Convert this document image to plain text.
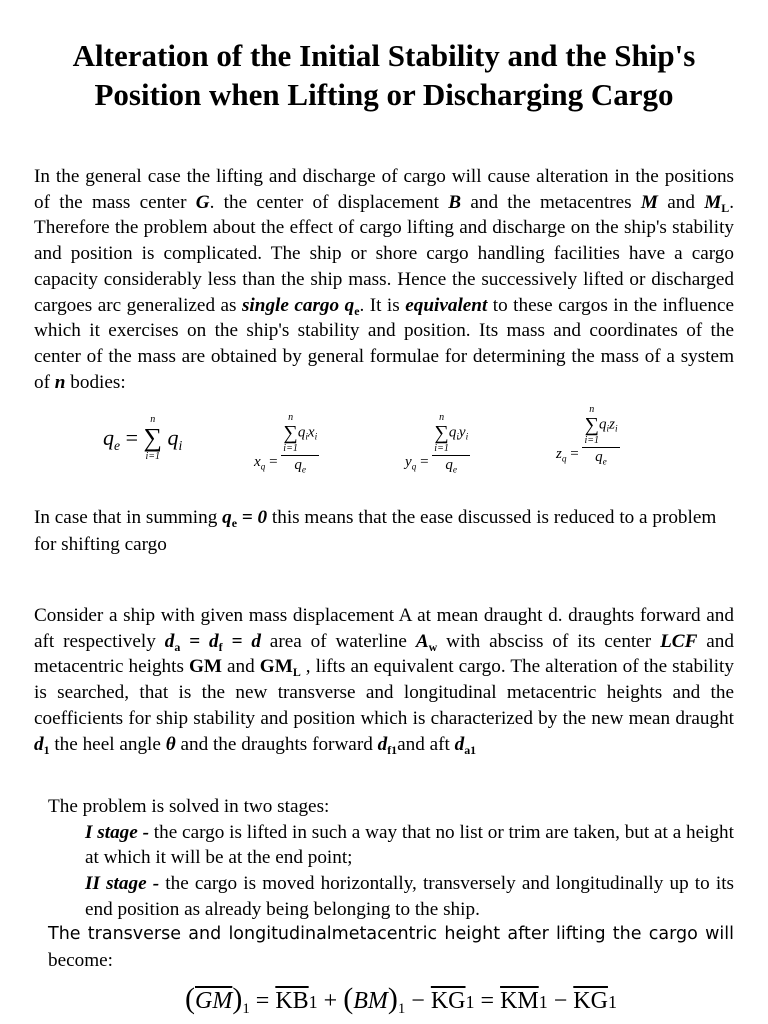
Alteration of the Initial Stability and the Ship's Position when Lifting or Discharging Cargo
In the general case the lifting and discharge of cargo will cause alteration in the positions of the mass center G. the center of displacement B and the metacentres M and $M_L$. Therefore the problem about the effect of cargo lifting and discharge on the ship's stability and position is complicated. The ship or shore cargo handling facilities have a cargo capacity considerably less than the ship mass. Hence the successively lifted or discharged cargoes arc generalized as single cargo $q_e$. It is equivalent to these cargos in the influence which it exercises on the ship's stability and position. Its mass and coordinates of the center of the mass are obtained by general formulae for determining the mass of a system of n bodies:
$q_e$ =
n
∑
i=1
$q_i$
$x_q = n$
∑
i=1
$q_ix_i$
$q_e$	$y_q = n$
∑
i=1
$q_iy_i$
$q_e$	$z_q = n$
∑
i=1
$q_iz_i$
$q_e$
In case that in summing $q_e = 0$ this means that the ease discussed is reduced to a problem for shifting cargo
Consider a ship with given mass displacement A at mean draught d. draughts forward and aft respectively $d_a = d_f = d$ area of waterline $A_w$ with absciss of its center LCF and metacentric heights GM and $GM_L$ , lifts an equivalent cargo. The alteration of the stability is searched, that is the new transverse and longitudinal metacentric heights and the coefficients for ship stability and position which is characterized by the new mean draught $d_1$ the heel angle θ and the draughts forward $d_{f1}and$ aft $d_{a1}$
The problem is solved in two stages:
I stage - the cargo is lifted in such a way that no list or trim are taken, but at a height at which it will be at the end point;
II stage - the cargo is moved horizontally, transversely and longitudinally up to its end position as already being belonging to the ship.
The transverse and longitudinalmetacentric height after lifting the cargo will
become:
$(\overline{GM})_1 = \overline{KB}1 + (BM)_1 - \overline{KG}1 = \overline{KM}1 - \overline{KG}1$
